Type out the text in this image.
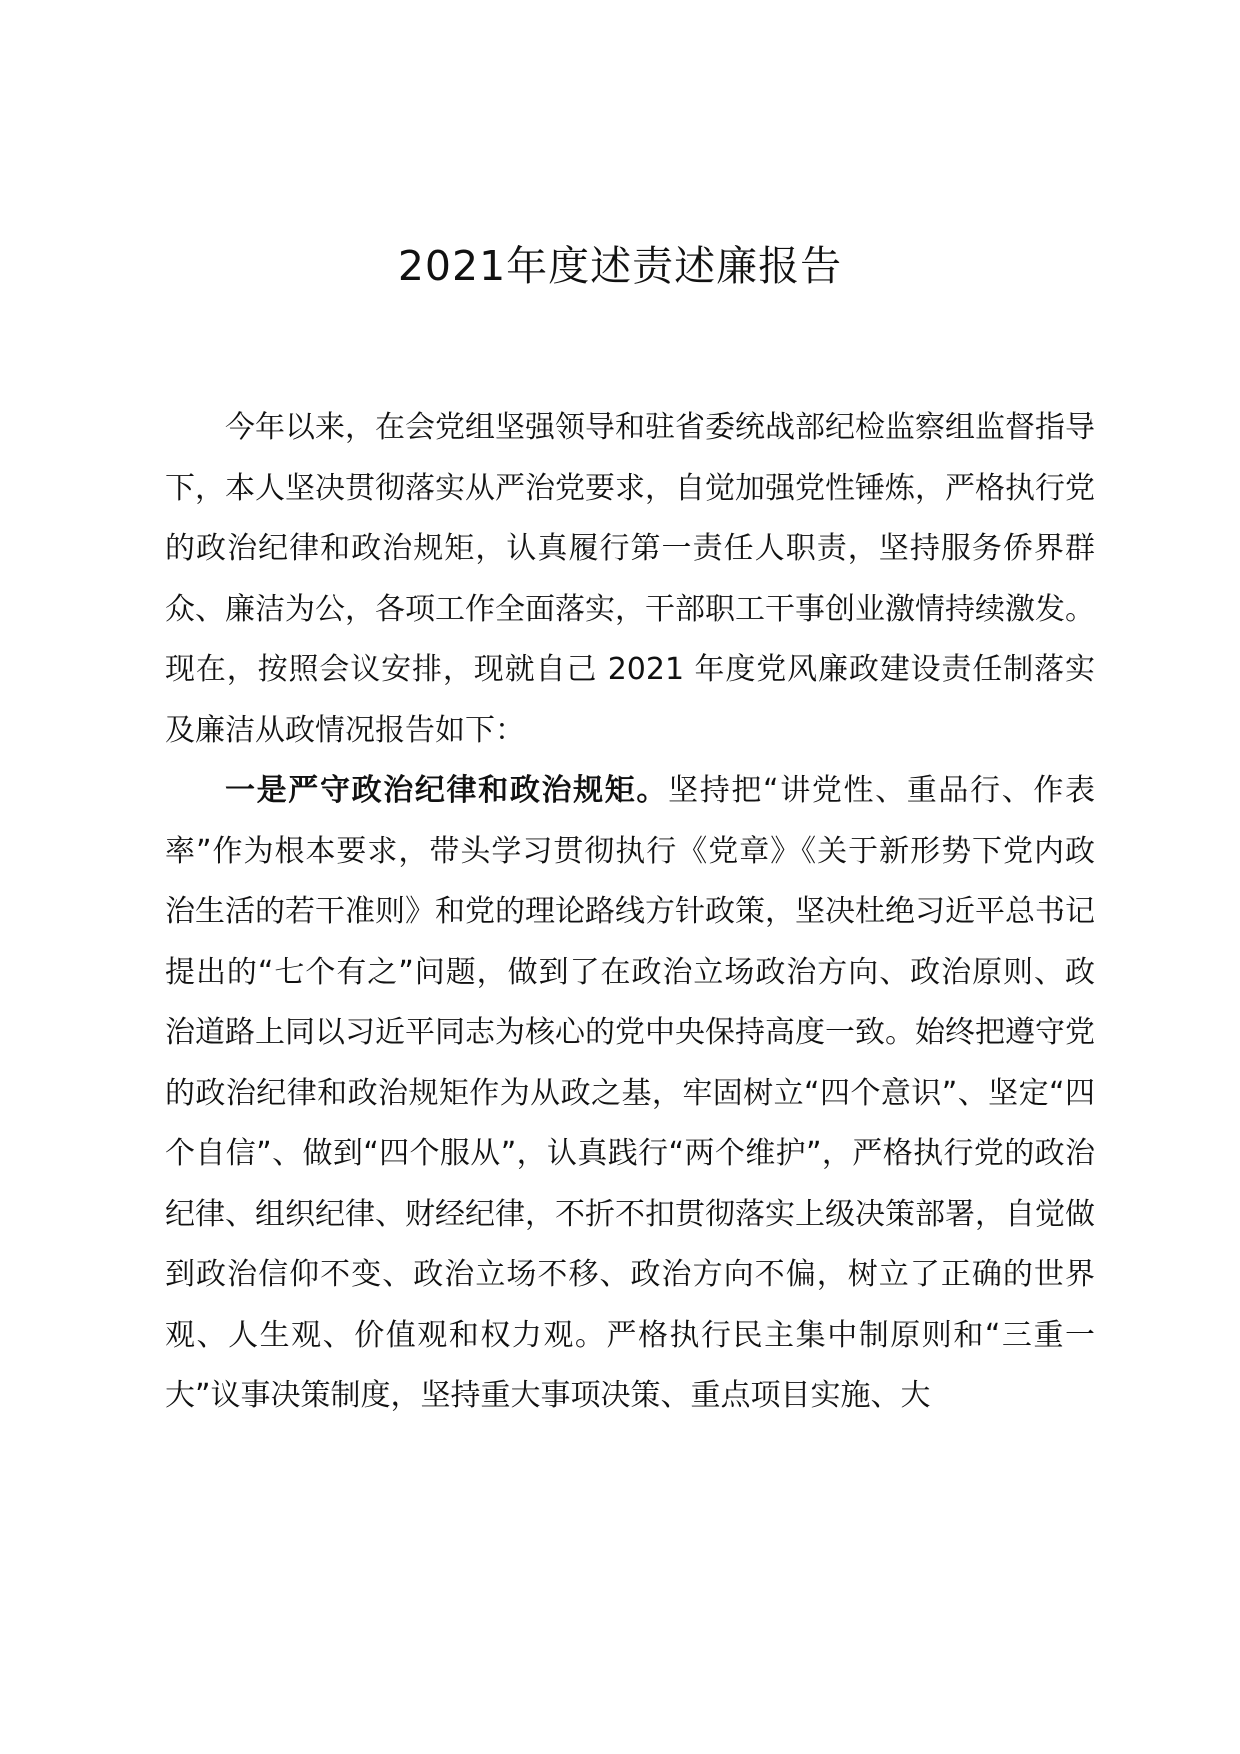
2021年度述责述廉报告

今年以来，在会党组坚强领导和驻省委统战部纪检监察组监督指导下，本人坚决贯彻落实从严治党要求，自觉加强党性锤炼，严格执行党的政治纪律和政治规矩，认真履行第一责任人职责，坚持服务侨界群众、廉洁为公，各项工作全面落实，干部职工干事创业激情持续激发。现在，按照会议安排，现就自己 2021 年度党风廉政建设责任制落实及廉洁从政情况报告如下：

一是严守政治纪律和政治规矩。坚持把“讲党性、重品行、作表率”作为根本要求，带头学习贯彻执行《党章》《关于新形势下党内政治生活的若干准则》和党的理论路线方针政策，坚决杜绝习近平总书记提出的“七个有之”问题，做到了在政治立场政治方向、政治原则、政治道路上同以习近平同志为核心的党中央保持高度一致。始终把遵守党的政治纪律和政治规矩作为从政之基，牢固树立“四个意识”、坚定“四个自信”、做到“四个服从”，认真践行“两个维护”，严格执行党的政治纪律、组织纪律、财经纪律，不折不扣贯彻落实上级决策部署，自觉做到政治信仰不变、政治立场不移、政治方向不偏，树立了正确的世界观、人生观、价值观和权力观。严格执行民主集中制原则和“三重一大”议事决策制度，坚持重大事项决策、重点项目实施、大
